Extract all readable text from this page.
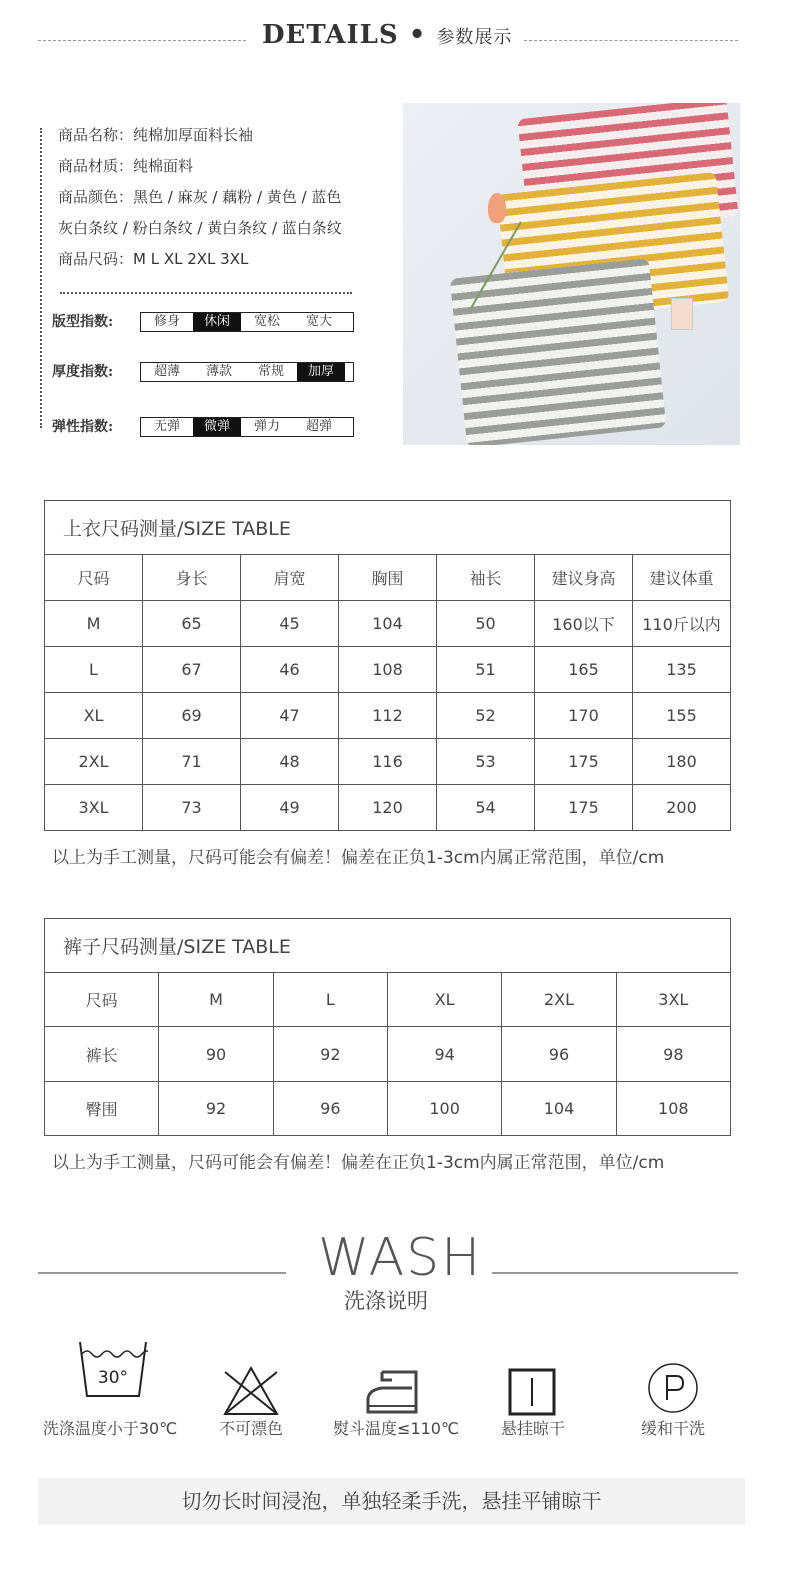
DETAILS • 参数展示
商品名称：纯棉加厚面料长袖
商品材质：纯棉面料
商品颜色：黑色 / 麻灰 / 藕粉 / 黄色 / 蓝色
灰白条纹 / 粉白条纹 / 黄白条纹 / 蓝白条纹
商品尺码：M L XL 2XL 3XL
版型指数:	修身	休闲	宽松	宽大
厚度指数:	超薄	薄款	常规	加厚
弹性指数:	无弹	微弹	弹力	超弹
上衣尺码测量/SIZE TABLE						
尺码	身长	肩宽	胸围	袖长	建议身高	建议体重
M	65	45	104	50	160以下	110斤以内
L	67	46	108	51	165	135
XL	69	47	112	52	170	155
2XL	71	48	116	53	175	180
3XL	73	49	120	54	175	200
以上为手工测量，尺码可能会有偏差！偏差在正负1-3cm内属正常范围，单位/cm
裤子尺码测量/SIZE TABLE					
尺码	M	L	XL	2XL	3XL
裤长	90	92	94	96	98
臀围	92	96	100	104	108
以上为手工测量，尺码可能会有偏差！偏差在正负1-3cm内属正常范围，单位/cm
WASH
洗涤说明
30°
洗涤温度小于30℃	不可漂色	熨斗温度≤110℃	悬挂晾干	缓和干洗
切勿长时间浸泡，单独轻柔手洗，悬挂平铺晾干
